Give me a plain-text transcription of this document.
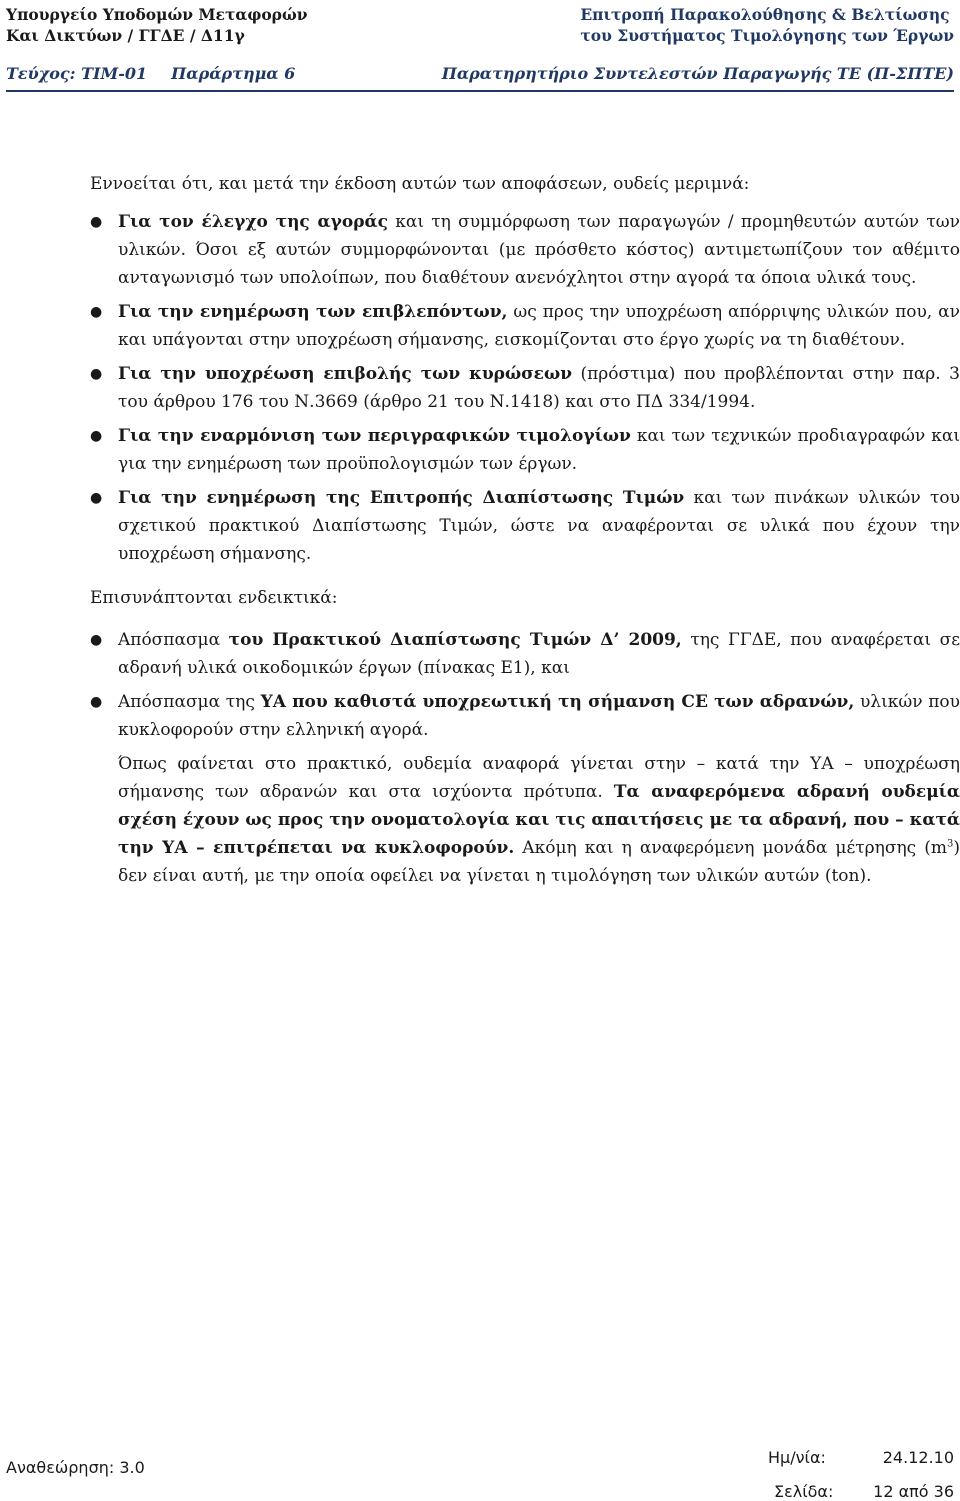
Υπουργείο Υποδομών Μεταφορών
Και Δικτύων / ΓΓΔΕ / Δ11γ
Επιτροπή Παρακολούθησης & Βελτίωσης
του Συστήματος Τιμολόγησης των Έργων
Τεύχος: ΤΙΜ-01 Παράρτημα 6	Παρατηρητήριο Συντελεστών Παραγωγής ΤΕ (Π-ΣΠΤΕ)

Εννοείται ότι, και μετά την έκδοση αυτών των αποφάσεων, ουδείς μεριμνά:

● Για τον έλεγχο της αγοράς και τη συμμόρφωση των παραγωγών / προμηθευτών αυτών των υλικών. Όσοι εξ αυτών συμμορφώνονται (με πρόσθετο κόστος) αντιμετωπίζουν τον αθέμιτο ανταγωνισμό των υπολοίπων, που διαθέτουν ανενόχλητοι στην αγορά τα όποια υλικά τους.
● Για την ενημέρωση των επιβλεπόντων, ως προς την υποχρέωση απόρριψης υλικών που, αν και υπάγονται στην υποχρέωση σήμανσης, εισκομίζονται στο έργο χωρίς να τη διαθέτουν.
● Για την υποχρέωση επιβολής των κυρώσεων (πρόστιμα) που προβλέπονται στην παρ. 3 του άρθρου 176 του Ν.3669 (άρθρο 21 του Ν.1418) και στο ΠΔ 334/1994.
● Για την εναρμόνιση των περιγραφικών τιμολογίων και των τεχνικών προδιαγραφών και για την ενημέρωση των προϋπολογισμών των έργων.
● Για την ενημέρωση της Επιτροπής Διαπίστωσης Τιμών και των πινάκων υλικών του σχετικού πρακτικού Διαπίστωσης Τιμών, ώστε να αναφέρονται σε υλικά που έχουν την υποχρέωση σήμανσης.

Επισυνάπτονται ενδεικτικά:

● Απόσπασμα του Πρακτικού Διαπίστωσης Τιμών Δ’ 2009, της ΓΓΔΕ, που αναφέρεται σε αδρανή υλικά οικοδομικών έργων (πίνακας Ε1), και
● Απόσπασμα της ΥΑ που καθιστά υποχρεωτική τη σήμανση CE των αδρανών, υλικών που κυκλοφορούν στην ελληνική αγορά.

Όπως φαίνεται στο πρακτικό, ουδεμία αναφορά γίνεται στην – κατά την ΥΑ – υποχρέωση σήμανσης των αδρανών και στα ισχύοντα πρότυπα. Τα αναφερόμενα αδρανή ουδεμία σχέση έχουν ως προς την ονοματολογία και τις απαιτήσεις με τα αδρανή, που – κατά την ΥΑ – επιτρέπεται να κυκλοφορούν. Ακόμη και η αναφερόμενη μονάδα μέτρησης $(m^3)$ δεν είναι αυτή, με την οποία οφείλει να γίνεται η τιμολόγηση των υλικών αυτών (ton).

Αναθεώρηση: 3.0
Ημ/νία:	24.12.10
Σελίδα: 12 από 36
